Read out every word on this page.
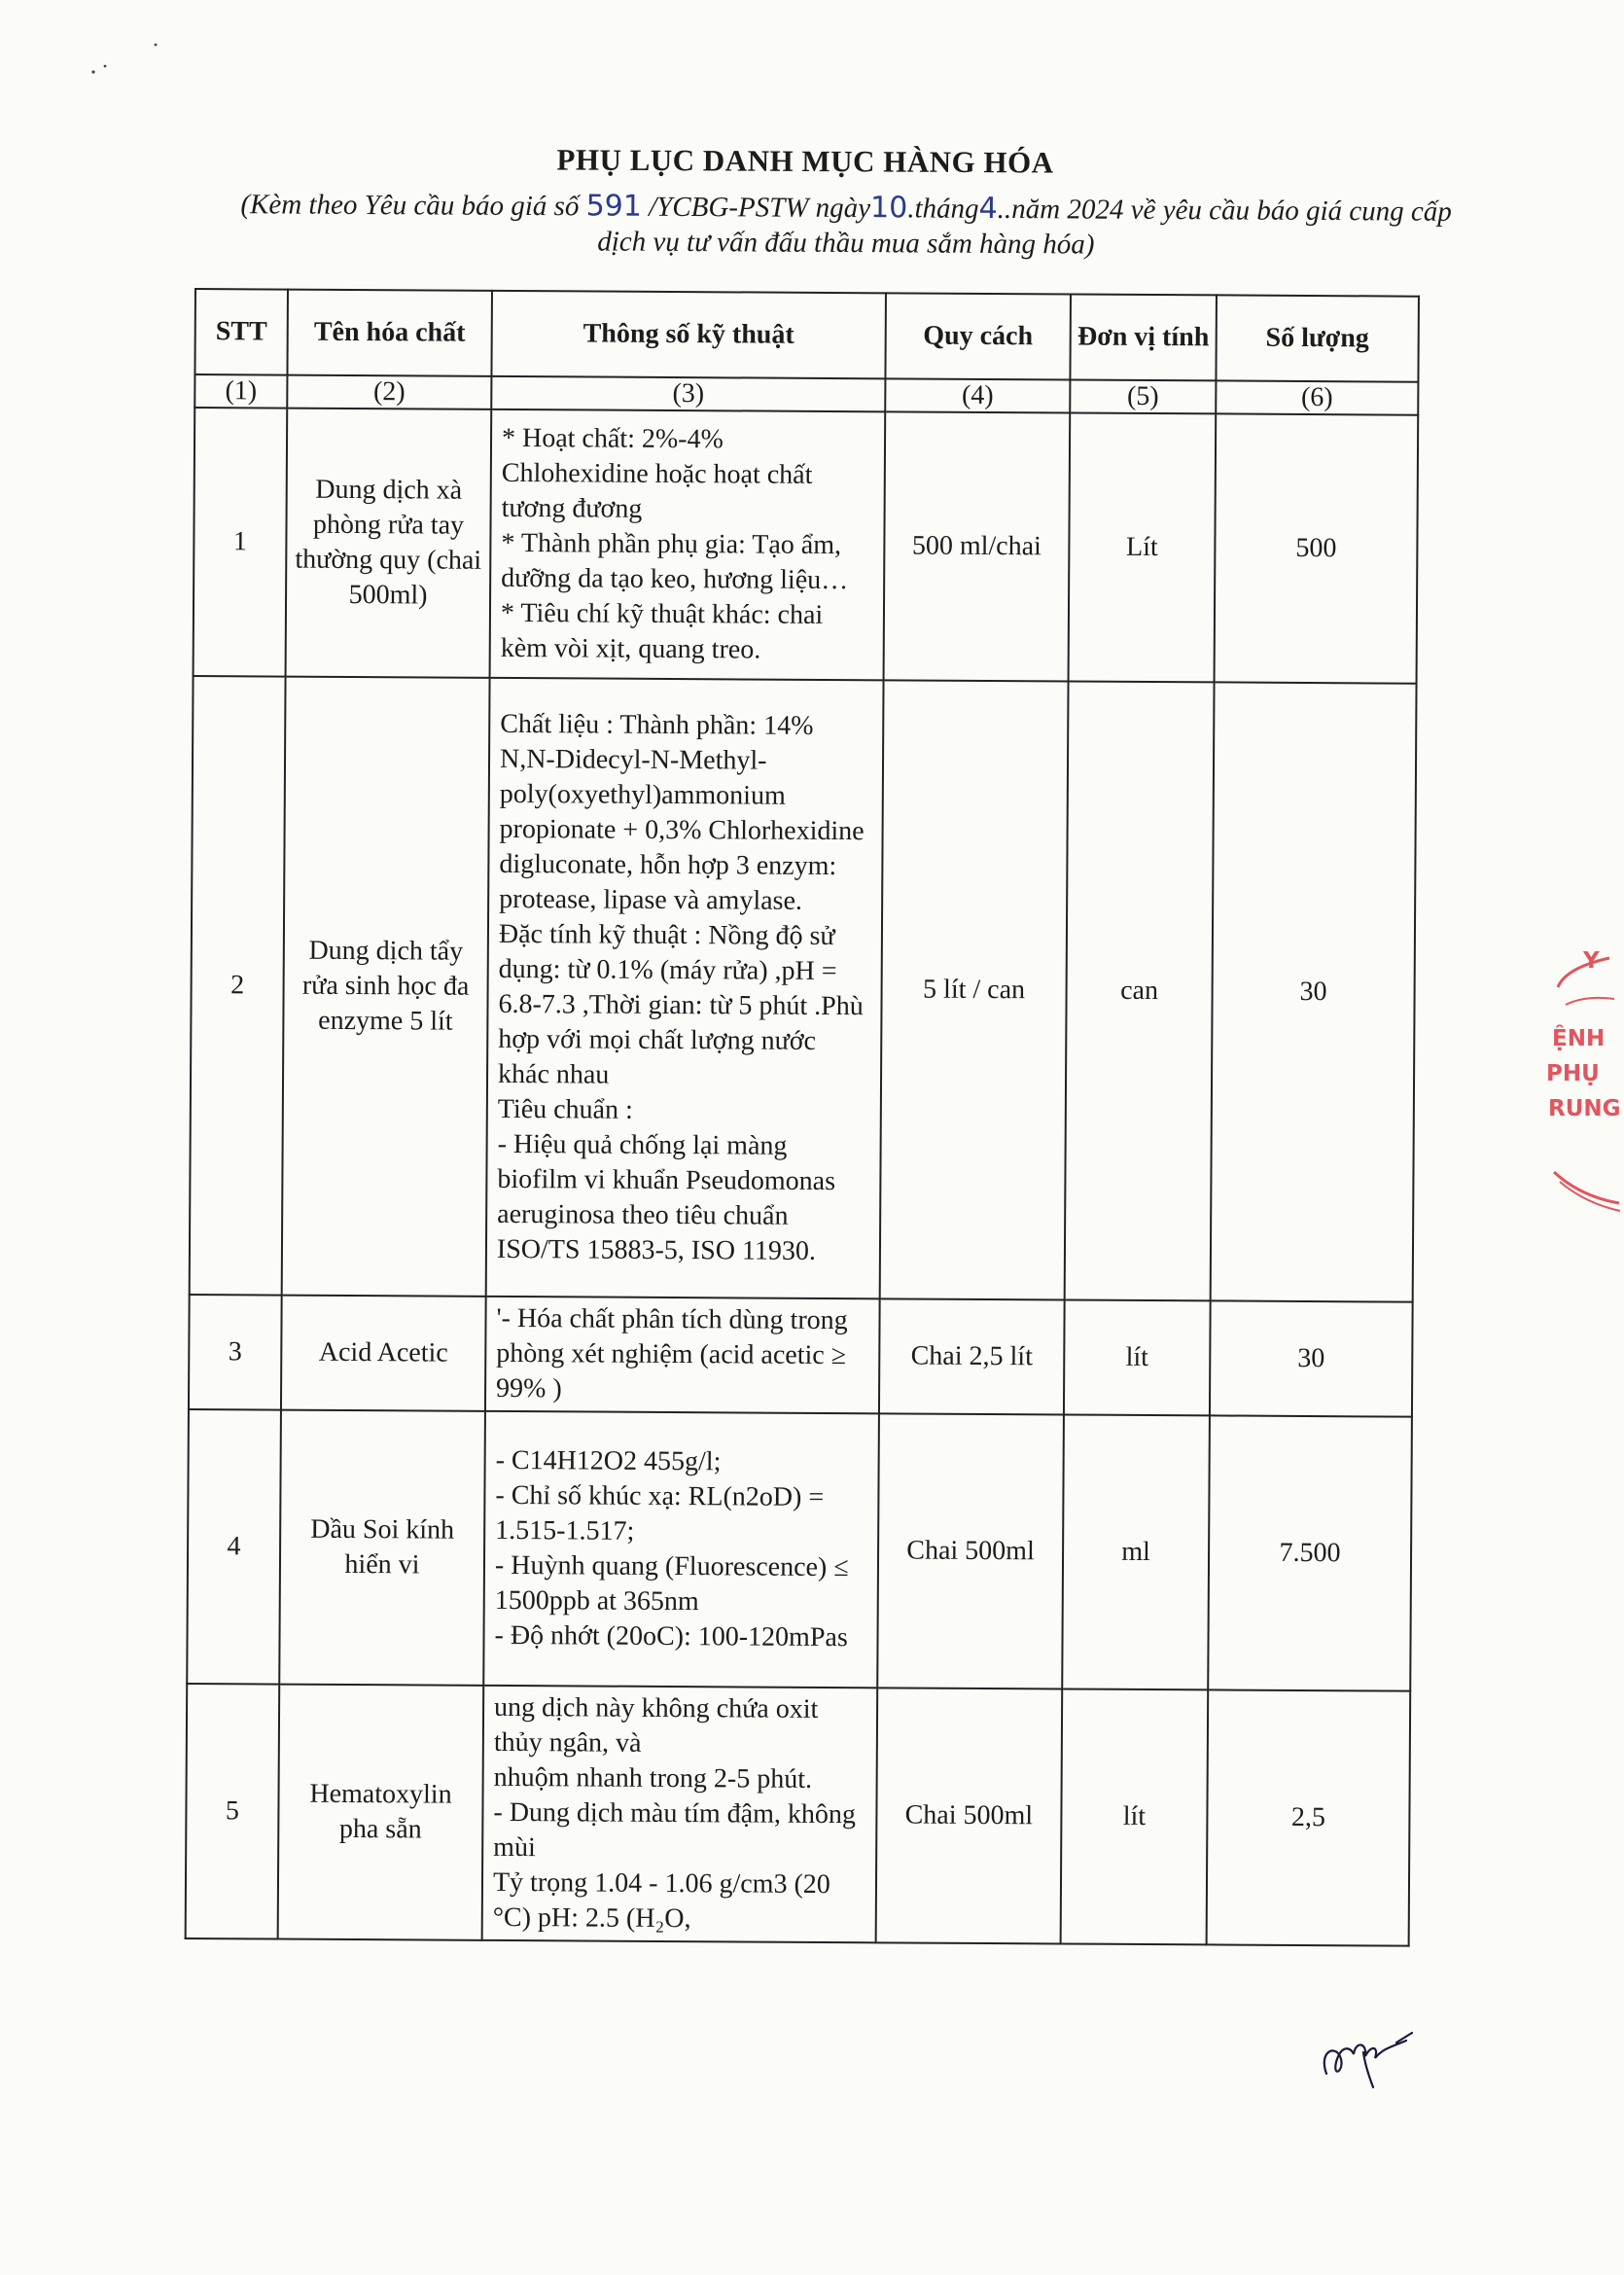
PHỤ LỤC DANH MỤC HÀNG HÓA
(Kèm theo Yêu cầu báo giá số 591 /YCBG-PSTW ngày10.tháng4..năm 2024 về yêu cầu báo giá cung cấp dịch vụ tư vấn đấu thầu mua sắm hàng hóa)
STT	Tên hóa chất	Thông số kỹ thuật	Quy cách	Đơn vị tính	Số lượng
(1)	(2)	(3)	(4)	(5)	(6)
1	Dung dịch xà phòng rửa tay thường quy (chai 500ml)	* Hoạt chất: 2%-4% Chlohexidine hoặc hoạt chất tương đương
* Thành phần phụ gia: Tạo ẩm, dưỡng da tạo keo, hương liệu…
* Tiêu chí kỹ thuật khác: chai kèm vòi xịt, quang treo.	500 ml/chai	Lít	500
2	Dung dịch tẩy rửa sinh học đa enzyme 5 lít	Chất liệu : Thành phần: 14% N,N-Didecyl-N-Methyl-poly(oxyethyl)ammonium propionate + 0,3% Chlorhexidine digluconate, hỗn hợp 3 enzym: protease, lipase và amylase.
Đặc tính kỹ thuật : Nồng độ sử dụng: từ 0.1% (máy rửa) ,pH = 6.8-7.3 ,Thời gian: từ 5 phút .Phù hợp với mọi chất lượng nước khác nhau
Tiêu chuẩn :
- Hiệu quả chống lại màng biofilm vi khuẩn Pseudomonas aeruginosa theo tiêu chuẩn ISO/TS 15883-5, ISO 11930.	5 lít / can	can	30
3	Acid Acetic	'- Hóa chất phân tích dùng trong phòng xét nghiệm (acid acetic ≥ 99% )	Chai 2,5 lít	lít	30
4	Dầu Soi kính hiển vi	- C14H12O2 455g/l;
- Chỉ số khúc xạ: RL(n2oD) = 1.515-1.517;
- Huỳnh quang (Fluorescence) ≤ 1500ppb at 365nm
- Độ nhớt (20oC): 100-120mPas	Chai 500ml	ml	7.500
5	Hematoxylin pha sẵn	ung dịch này không chứa oxit thủy ngân, và
nhuộm nhanh trong 2-5 phút.
- Dung dịch màu tím đậm, không mùi
Tỷ trọng 1.04 - 1.06 g/cm3 (20 °C) pH: 2.5 (H₂O,	Chai 500ml	lít	2,5
Y
ỆNH
PHỤ
RUNG
